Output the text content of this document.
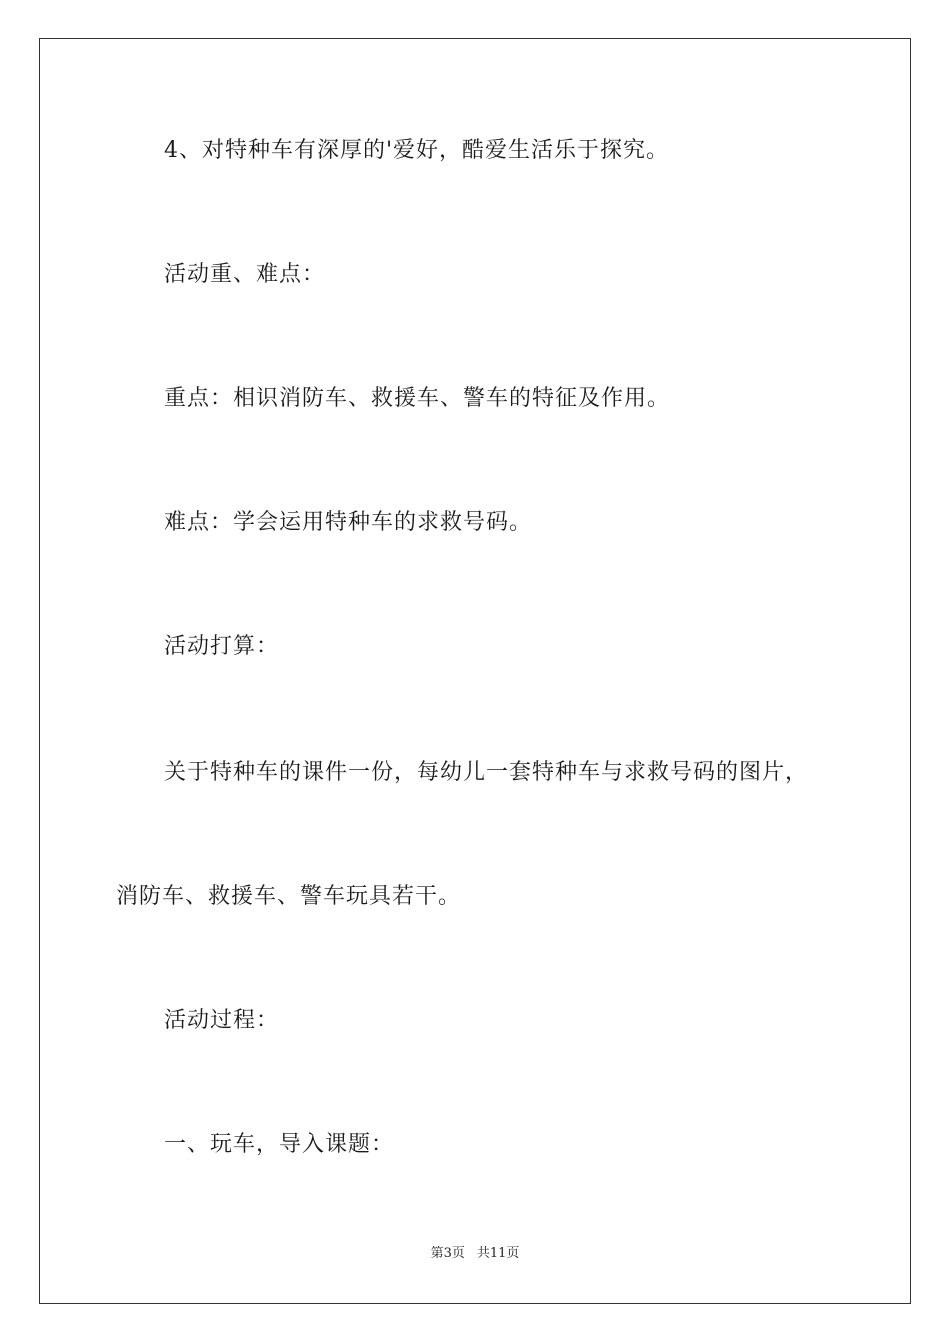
4、对特种车有深厚的'爱好，酷爱生活乐于探究。

活动重、难点：

重点：相识消防车、救援车、警车的特征及作用。

难点：学会运用特种车的求救号码。

活动打算：

关于特种车的课件一份，每幼儿一套特种车与求救号码的图片，

消防车、救援车、警车玩具若干。

活动过程：

一、玩车，导入课题：

第3页 共11页
